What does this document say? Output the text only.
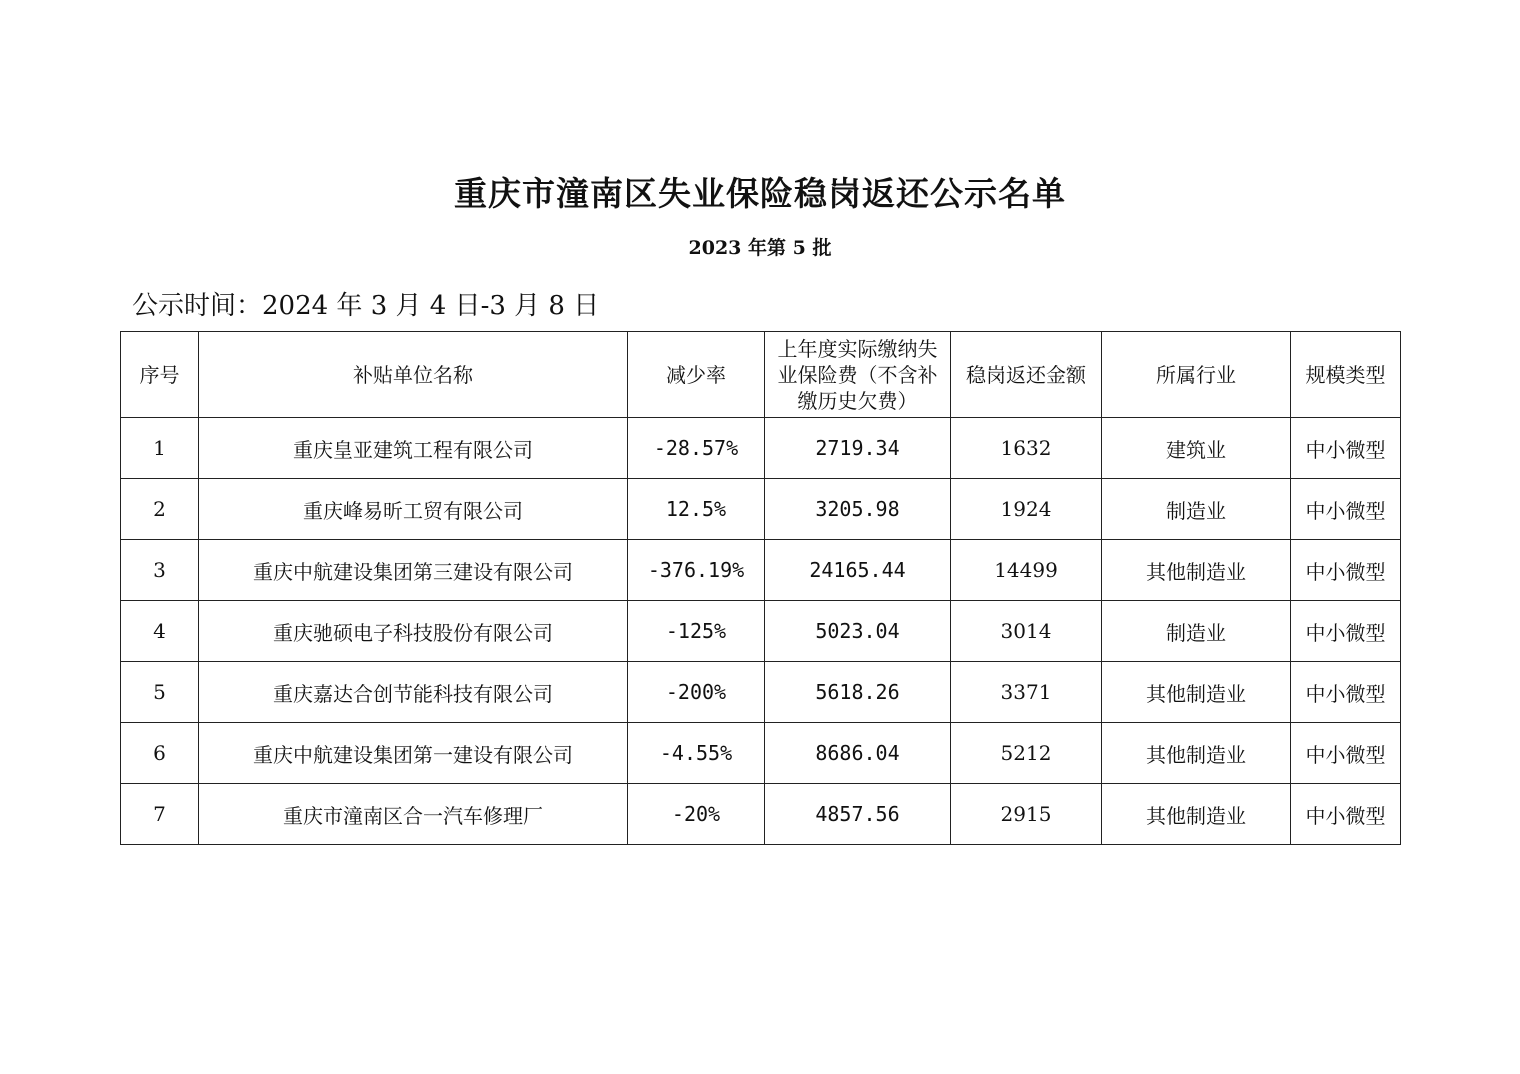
重庆市潼南区失业保险稳岗返还公示名单
2023 年第 5 批
公示时间：2024 年 3 月 4 日-3 月 8 日
序号	补贴单位名称	减少率	上年度实际缴纳失业保险费（不含补缴历史欠费）	稳岗返还金额	所属行业	规模类型
1	重庆皇亚建筑工程有限公司	-28.57%	2719.34	1632	建筑业	中小微型
2	重庆峰易昕工贸有限公司	12.5%	3205.98	1924	制造业	中小微型
3	重庆中航建设集团第三建设有限公司	-376.19%	24165.44	14499	其他制造业	中小微型
4	重庆驰硕电子科技股份有限公司	-125%	5023.04	3014	制造业	中小微型
5	重庆嘉达合创节能科技有限公司	-200%	5618.26	3371	其他制造业	中小微型
6	重庆中航建设集团第一建设有限公司	-4.55%	8686.04	5212	其他制造业	中小微型
7	重庆市潼南区合一汽车修理厂	-20%	4857.56	2915	其他制造业	中小微型
